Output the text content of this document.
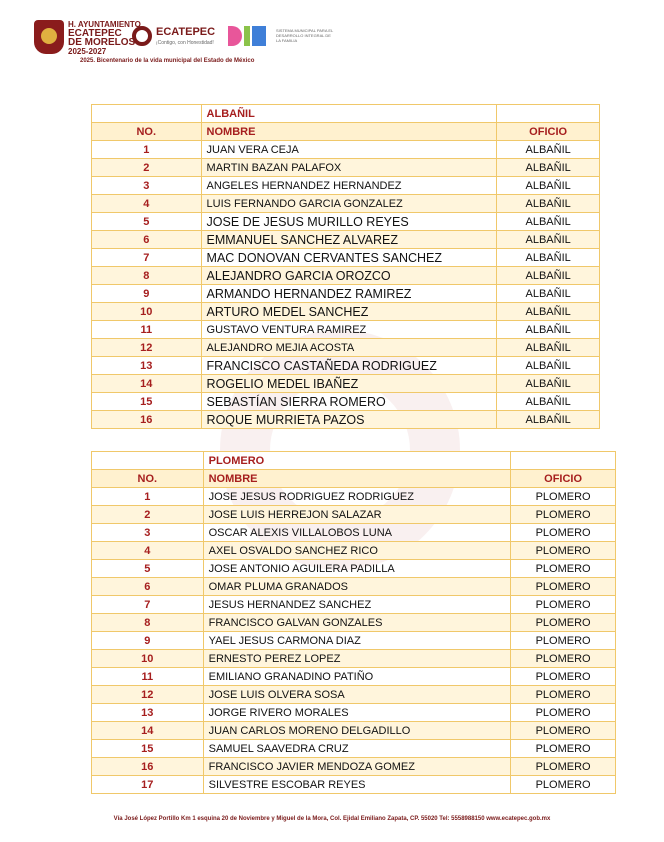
H. AYUNTAMIENTO
ECATEPEC
DE MORELOS
2025-2027
ECATEPEC
¡Contigo, con Honestidad!
SISTEMA MUNICIPAL PARA EL DESARROLLO INTEGRAL DE LA FAMILIA
2025. Bicentenario de la vida municipal del Estado de México
	ALBAÑIL	
NO.	NOMBRE	OFICIO
1	JUAN VERA CEJA	ALBAÑIL
2	MARTIN BAZAN PALAFOX	ALBAÑIL
3	ANGELES HERNANDEZ HERNANDEZ	ALBAÑIL
4	LUIS FERNANDO GARCIA GONZALEZ	ALBAÑIL
5	JOSE DE JESUS MURILLO REYES	ALBAÑIL
6	EMMANUEL SANCHEZ ALVAREZ	ALBAÑIL
7	MAC DONOVAN CERVANTES SANCHEZ	ALBAÑIL
8	ALEJANDRO GARCIA OROZCO	ALBAÑIL
9	ARMANDO HERNANDEZ RAMIREZ	ALBAÑIL
10	ARTURO MEDEL SANCHEZ	ALBAÑIL
11	GUSTAVO VENTURA RAMIREZ	ALBAÑIL
12	ALEJANDRO MEJIA ACOSTA	ALBAÑIL
13	FRANCISCO CASTAÑEDA RODRIGUEZ	ALBAÑIL
14	ROGELIO MEDEL IBAÑEZ	ALBAÑIL
15	SEBASTÍAN SIERRA ROMERO	ALBAÑIL
16	ROQUE MURRIETA PAZOS	ALBAÑIL
	PLOMERO	
NO.	NOMBRE	OFICIO
1	JOSE JESUS RODRIGUEZ RODRIGUEZ	PLOMERO
2	JOSE LUIS HERREJON SALAZAR	PLOMERO
3	OSCAR ALEXIS VILLALOBOS LUNA	PLOMERO
4	AXEL OSVALDO SANCHEZ RICO	PLOMERO
5	JOSE ANTONIO AGUILERA PADILLA	PLOMERO
6	OMAR PLUMA GRANADOS	PLOMERO
7	JESUS HERNANDEZ SANCHEZ	PLOMERO
8	FRANCISCO GALVAN GONZALES	PLOMERO
9	YAEL JESUS CARMONA DIAZ	PLOMERO
10	ERNESTO PEREZ LOPEZ	PLOMERO
11	EMILIANO GRANADINO PATIÑO	PLOMERO
12	JOSE LUIS OLVERA SOSA	PLOMERO
13	JORGE RIVERO MORALES	PLOMERO
14	JUAN CARLOS MORENO DELGADILLO	PLOMERO
15	SAMUEL SAAVEDRA CRUZ	PLOMERO
16	FRANCISCO JAVIER MENDOZA GOMEZ	PLOMERO
17	SILVESTRE ESCOBAR REYES	PLOMERO
Vía José López Portillo Km 1 esquina 20 de Noviembre y Miguel de la Mora, Col. Ejidal Emiliano Zapata, CP. 55020 Tel: 5558988150 www.ecatepec.gob.mx
